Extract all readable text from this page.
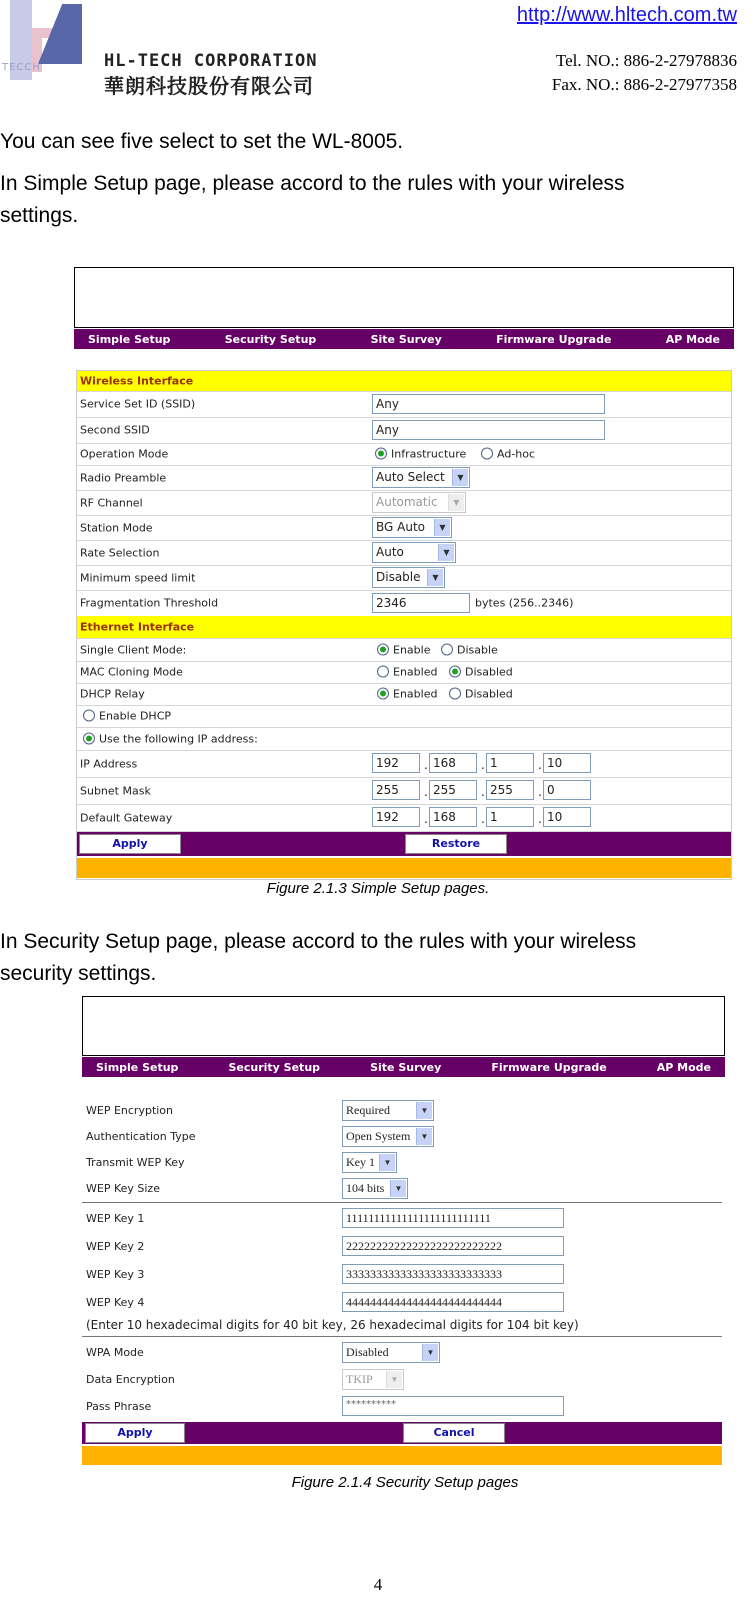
TECCH	HL-TECH CORPORATION
華朗科技股份有限公司
http://www.hltech.com.tw
Tel. NO.: 886-2-27978836
Fax. NO.: 886-2-27977358
You can see five select to set the WL-8005.
In Simple Setup page, please accord to the rules with your wireless
settings.
Simple Setup	Security Setup	Site Survey	Firmware Upgrade	AP Mode
Wireless Interface
Service Set ID (SSID)	Any
Second SSID	Any
Operation Mode	Infrastructure	Ad-hoc
Radio Preamble	Auto Select	▼
RF Channel	Automatic	▼
Station Mode	BG Auto	▼
Rate Selection	Auto	▼
Minimum speed limit	Disable	▼
Fragmentation Threshold	2346	bytes (256..2346)
Ethernet Interface
Single Client Mode:	Enable	Disable
MAC Cloning Mode	Enabled	Disabled
DHCP Relay	Enabled	Disabled
Enable DHCP
Use the following IP address:
IP Address	192	. 168	. 1	. 10
Subnet Mask	255	. 255	. 255	. 0
Default Gateway	192	. 168	. 1	. 10
Apply	Restore
Figure 2.1.3 Simple Setup pages.
In Security Setup page, please accord to the rules with your wireless
security settings.
Simple Setup	Security Setup	Site Survey	Firmware Upgrade	AP Mode
WEP Encryption	Required	▼
Authentication Type	Open System	▼
Transmit WEP Key	Key 1	▼
WEP Key Size	104 bits	▼
WEP Key 1	11111111111111111111111111
WEP Key 2	22222222222222222222222222
WEP Key 3	33333333333333333333333333
WEP Key 4	44444444444444444444444444
(Enter 10 hexadecimal digits for 40 bit key, 26 hexadecimal digits for 104 bit key)
WPA Mode	Disabled	▼
Data Encryption	TKIP	▼
Pass Phrase	**********
Apply	Cancel
Figure 2.1.4 Security Setup pages
4
